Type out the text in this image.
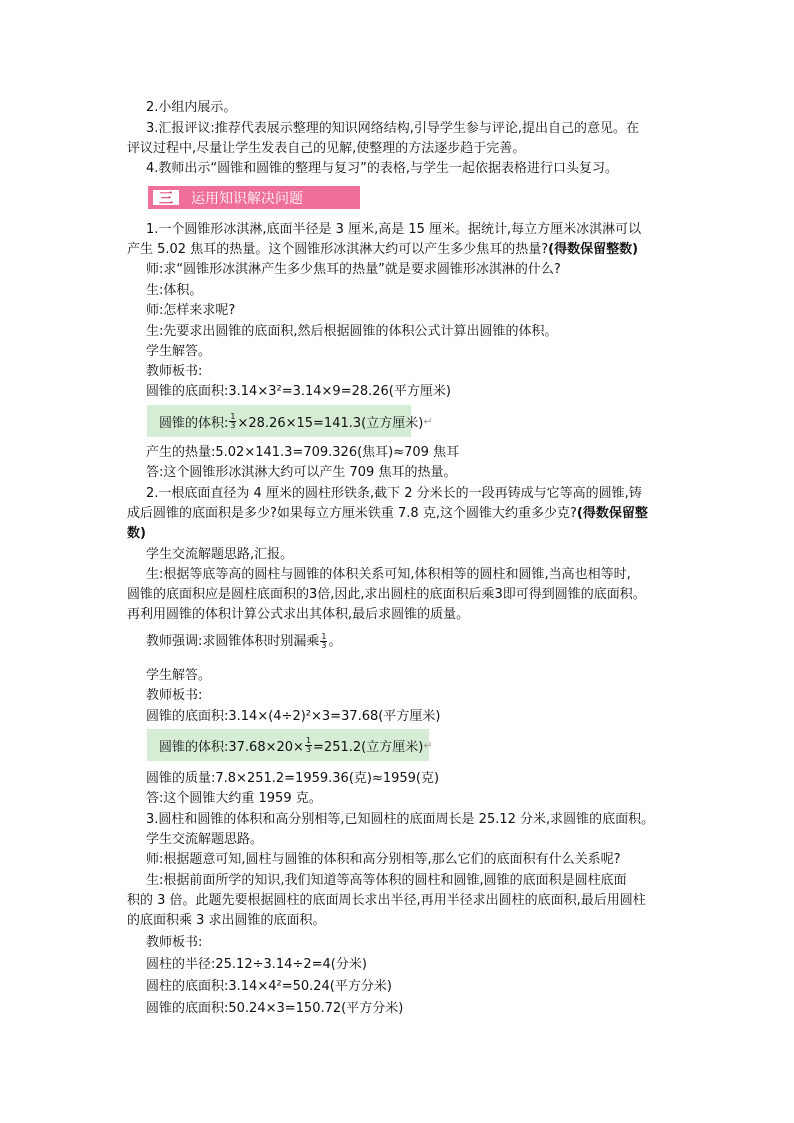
2.小组内展示。
3.汇报评议:推荐代表展示整理的知识网络结构,引导学生参与评论,提出自己的意见。在
评议过程中,尽量让学生发表自己的见解,使整理的方法逐步趋于完善。
4.教师出示“圆锥和圆锥的整理与复习”的表格,与学生一起依据表格进行口头复习。
三	运用知识解决问题
1.一个圆锥形冰淇淋,底面半径是 3 厘米,高是 15 厘米。据统计,每立方厘米冰淇淋可以
产生 5.02 焦耳的热量。这个圆锥形冰淇淋大约可以产生多少焦耳的热量?(得数保留整数)
师:求“圆锥形冰淇淋产生多少焦耳的热量”就是要求圆锥形冰淇淋的什么?
生:体积。
师:怎样来求呢?
生:先要求出圆锥的底面积,然后根据圆锥的体积公式计算出圆锥的体积。
学生解答。
教师板书:
圆锥的底面积:3.14×3²=3.14×9=28.26(平方厘米)
圆锥的体积: $\frac{1}{3} \times 28.26\times 15=141.3$(立方厘米) ↵
产生的热量:5.02×141.3=709.326(焦耳)≈709 焦耳
答:这个圆锥形冰淇淋大约可以产生 709 焦耳的热量。
2.一根底面直径为 4 厘米的圆柱形铁条,截下 2 分米长的一段再铸成与它等高的圆锥,铸
成后圆锥的底面积是多少?如果每立方厘米铁重 7.8 克,这个圆锥大约重多少克?(得数保留整
数)
学生交流解题思路,汇报。
生:根据等底等高的圆柱与圆锥的体积关系可知,体积相等的圆柱和圆锥,当高也相等时,
圆锥的底面积应是圆柱底面积的3倍,因此,求出圆柱的底面积后乘3即可得到圆锥的底面积。
再利用圆锥的体积计算公式求出其体积,最后求圆锥的质量。
教师强调:求圆锥体积时别漏乘 $\frac{1}{3}$ 。
学生解答。
教师板书:
圆锥的底面积:3.14×(4÷2)²×3=37.68(平方厘米)
圆锥的体积:37.68×20× $\frac{1}{3} =251.2$(立方厘米) ↵
圆锥的质量:7.8×251.2=1959.36(克)≈1959(克)
答:这个圆锥大约重 1959 克。
3.圆柱和圆锥的体积和高分别相等,已知圆柱的底面周长是 25.12 分米,求圆锥的底面积。
学生交流解题思路。
师:根据题意可知,圆柱与圆锥的体积和高分别相等,那么它们的底面积有什么关系呢?
生:根据前面所学的知识,我们知道等高等体积的圆柱和圆锥,圆锥的底面积是圆柱底面
积的 3 倍。此题先要根据圆柱的底面周长求出半径,再用半径求出圆柱的底面积,最后用圆柱
的底面积乘 3 求出圆锥的底面积。
教师板书:
圆柱的半径:25.12÷3.14÷2=4(分米)
圆柱的底面积:3.14×4²=50.24(平方分米)
圆锥的底面积:50.24×3=150.72(平方分米)
